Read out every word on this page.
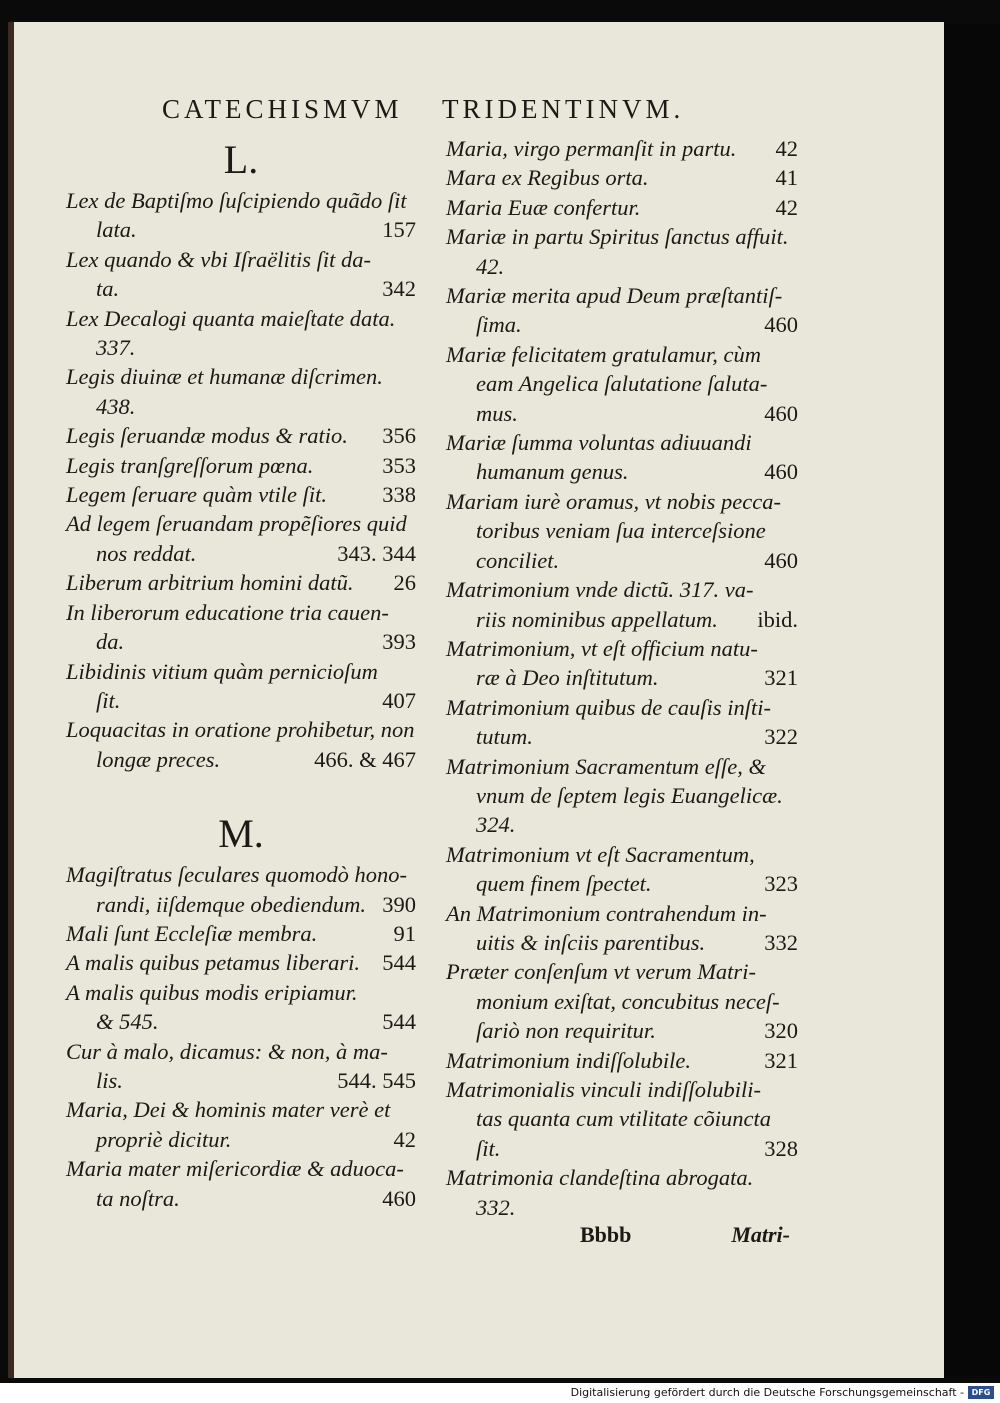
CATECHISMVM TRIDENTINVM.
L.
Lex de Baptiſmo ſuſcipiendo quãdo ſit
lata.	157
Lex quando & vbi Iſraëlitis ſit da-
ta.	342
Lex Decalogi quanta maieſtate data.
337.
Legis diuinæ et humanæ diſcrimen.
438.
Legis ſeruandæ modus & ratio. 356
Legis tranſgreſſorum pœna.	353
Legem ſeruare quàm vtile ſit. 338
Ad legem ſeruandam propẽſiores quid
nos reddat.	343. 344
Liberum arbitrium homini datũ. 26
In liberorum educatione tria cauen-
da.	393
Libidinis vitium quàm pernicioſum
ſit.	407
Loquacitas in oratione prohibetur, non
longæ preces.	466. & 467
M.
Magiſtratus ſeculares quomodò hono-
randi, iiſdemque obediendum. 390
Mali ſunt Eccleſiæ membra.	91
A malis quibus petamus liberari. 544
A malis quibus modis eripiamur.
& 545.	544
Cur à malo, dicamus: & non, à ma-
lis.	544. 545
Maria, Dei & hominis mater verè et
propriè dicitur.	42
Maria mater miſericordiæ & aduoca-
ta noſtra.	460
Maria, virgo permanſit in partu. 42
Mara ex Regibus orta.	41
Maria Euæ confertur.	42
Mariæ in partu Spiritus ſanctus affuit.
42.
Mariæ merita apud Deum præſtantiſ-
ſima.	460
Mariæ felicitatem gratulamur, cùm
eam Angelica ſalutatione ſaluta-
mus.	460
Mariæ ſumma voluntas adiuuandi
humanum genus.	460
Mariam iurè oramus, vt nobis pecca-
toribus veniam ſua interceſsione
conciliet.	460
Matrimonium vnde dictũ. 317. va-
riis nominibus appellatum. ibid.
Matrimonium, vt eſt officium natu-
ræ à Deo inſtitutum.	321
Matrimonium quibus de cauſis inſti-
tutum.	322
Matrimonium Sacramentum eſſe, &
vnum de ſeptem legis Euangelicæ.
324.
Matrimonium vt eſt Sacramentum,
quem finem ſpectet.	323
An Matrimonium contrahendum in-
uitis & inſciis parentibus.	332
Præter conſenſum vt verum Matri-
monium exiſtat, concubitus neceſ-
ſariò non requiritur.	320
Matrimonium indiſſolubile.	321
Matrimonialis vinculi indiſſolubili-
tas quanta cum vtilitate cõiuncta
ſit.	328
Matrimonia clandeſtina abrogata.
332.
Bbbb	Matri-
Digitalisierung gefördert durch die Deutsche Forschungsgemeinschaft - DFG
